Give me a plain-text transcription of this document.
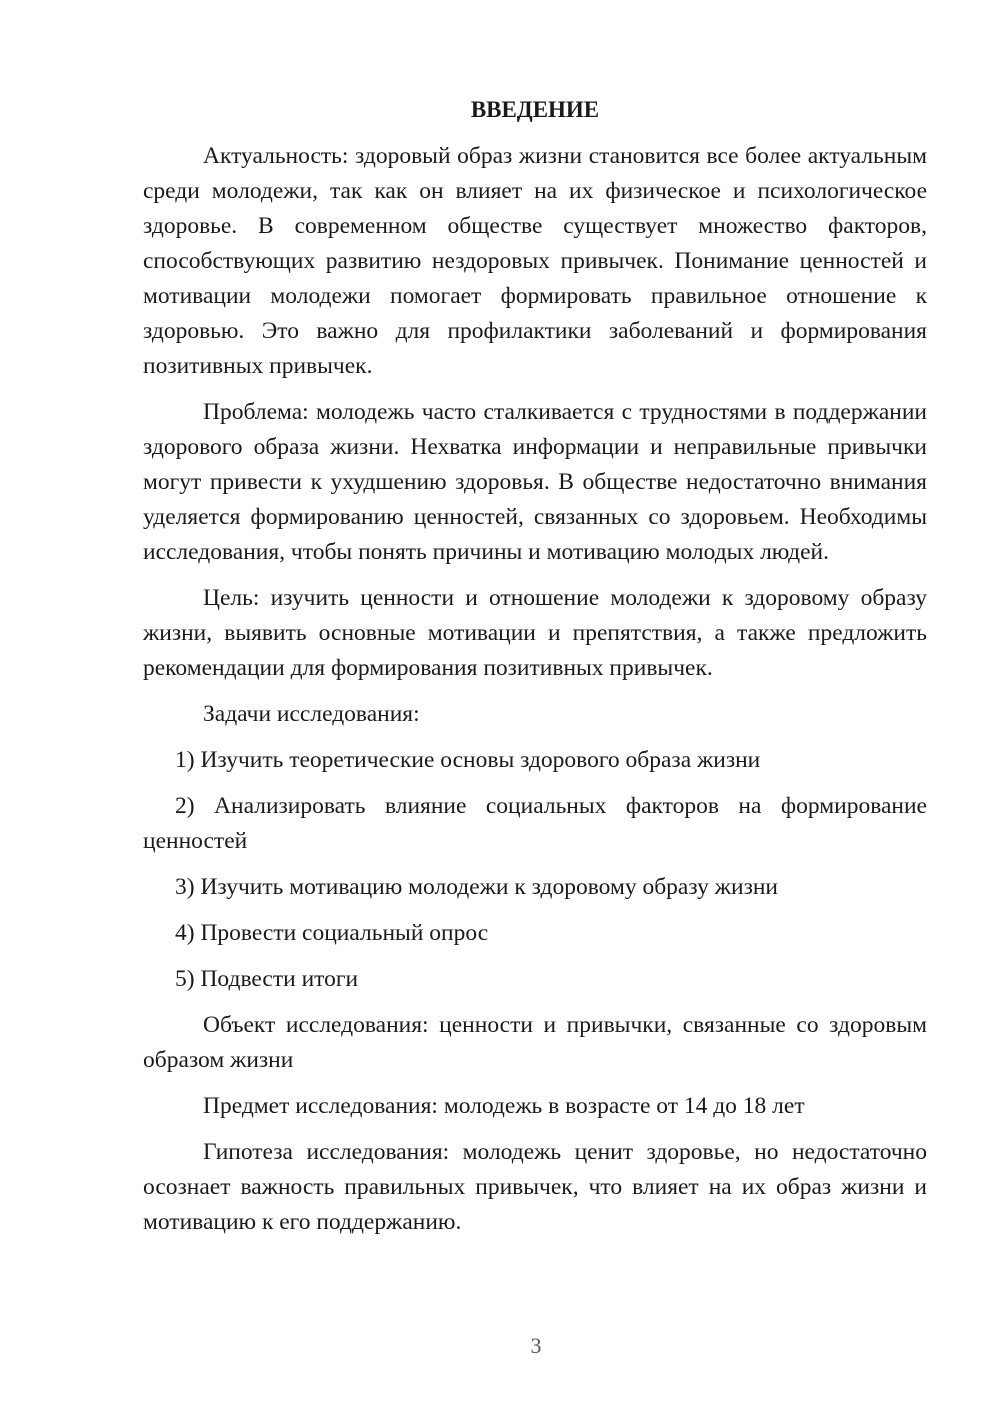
ВВЕДЕНИЕ

Актуальность: здоровый образ жизни становится все более актуальным среди молодежи, так как он влияет на их физическое и психологическое здоровье. В современном обществе существует множество факторов, способствующих развитию нездоровых привычек. Понимание ценностей и мотивации молодежи помогает формировать правильное отношение к здоровью. Это важно для профилактики заболеваний и формирования позитивных привычек.

Проблема: молодежь часто сталкивается с трудностями в поддержании здорового образа жизни. Нехватка информации и неправильные привычки могут привести к ухудшению здоровья. В обществе недостаточно внимания уделяется формированию ценностей, связанных со здоровьем. Необходимы исследования, чтобы понять причины и мотивацию молодых людей.

Цель: изучить ценности и отношение молодежи к здоровому образу жизни, выявить основные мотивации и препятствия, а также предложить рекомендации для формирования позитивных привычек.

Задачи исследования:

1) Изучить теоретические основы здорового образа жизни

2) Анализировать влияние социальных факторов на формирование ценностей

3) Изучить мотивацию молодежи к здоровому образу жизни

4) Провести социальный опрос

5) Подвести итоги

Объект исследования: ценности и привычки, связанные со здоровым образом жизни

Предмет исследования: молодежь в возрасте от 14 до 18 лет

Гипотеза исследования: молодежь ценит здоровье, но недостаточно осознает важность правильных привычек, что влияет на их образ жизни и мотивацию к его поддержанию.

3
